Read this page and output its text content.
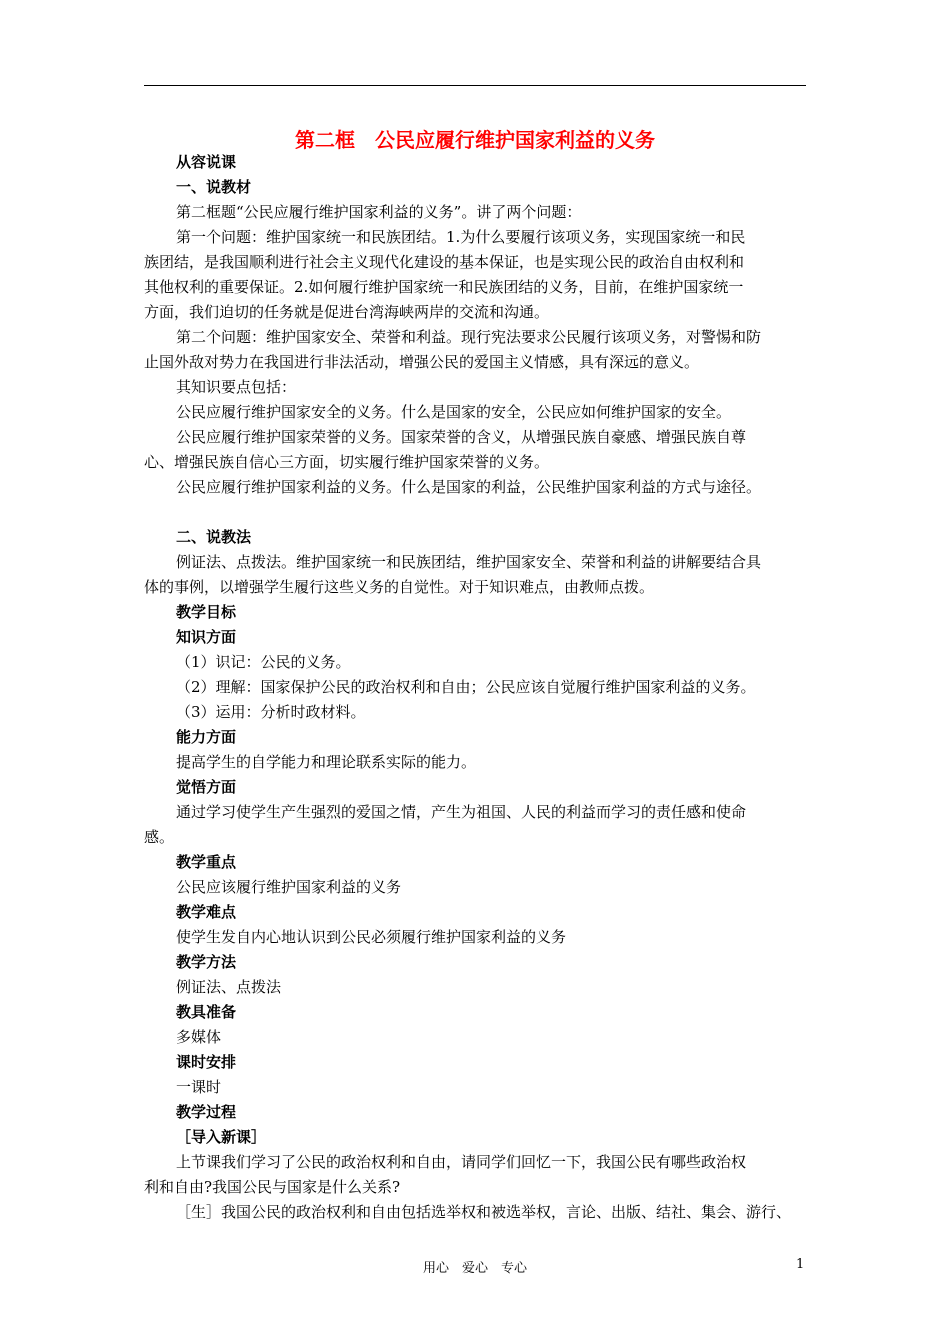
第二框　公民应履行维护国家利益的义务
从容说课
一、说教材
第二框题“公民应履行维护国家利益的义务”。讲了两个问题：
第一个问题：维护国家统一和民族团结。1.为什么要履行该项义务，实现国家统一和民
族团结，是我国顺利进行社会主义现代化建设的基本保证，也是实现公民的政治自由权利和
其他权利的重要保证。2.如何履行维护国家统一和民族团结的义务，目前，在维护国家统一
方面，我们迫切的任务就是促进台湾海峡两岸的交流和沟通。
第二个问题：维护国家安全、荣誉和利益。现行宪法要求公民履行该项义务，对警惕和防
止国外敌对势力在我国进行非法活动，增强公民的爱国主义情感，具有深远的意义。
其知识要点包括：
公民应履行维护国家安全的义务。什么是国家的安全，公民应如何维护国家的安全。
公民应履行维护国家荣誉的义务。国家荣誉的含义，从增强民族自豪感、增强民族自尊
心、增强民族自信心三方面，切实履行维护国家荣誉的义务。
公民应履行维护国家利益的义务。什么是国家的利益，公民维护国家利益的方式与途径。
二、说教法
例证法、点拨法。维护国家统一和民族团结，维护国家安全、荣誉和利益的讲解要结合具
体的事例，以增强学生履行这些义务的自觉性。对于知识难点，由教师点拨。
教学目标
知识方面
（1）识记：公民的义务。
（2）理解：国家保护公民的政治权利和自由；公民应该自觉履行维护国家利益的义务。
（3）运用：分析时政材料。
能力方面
提高学生的自学能力和理论联系实际的能力。
觉悟方面
通过学习使学生产生强烈的爱国之情，产生为祖国、人民的利益而学习的责任感和使命
感。
教学重点
公民应该履行维护国家利益的义务
教学难点
使学生发自内心地认识到公民必须履行维护国家利益的义务
教学方法
例证法、点拨法
教具准备
多媒体
课时安排
一课时
教学过程
［导入新课］
上节课我们学习了公民的政治权利和自由，请同学们回忆一下，我国公民有哪些政治权
利和自由?我国公民与国家是什么关系?
［生］我国公民的政治权利和自由包括选举权和被选举权，言论、出版、结社、集会、游行、
用心　爱心　专心	1
